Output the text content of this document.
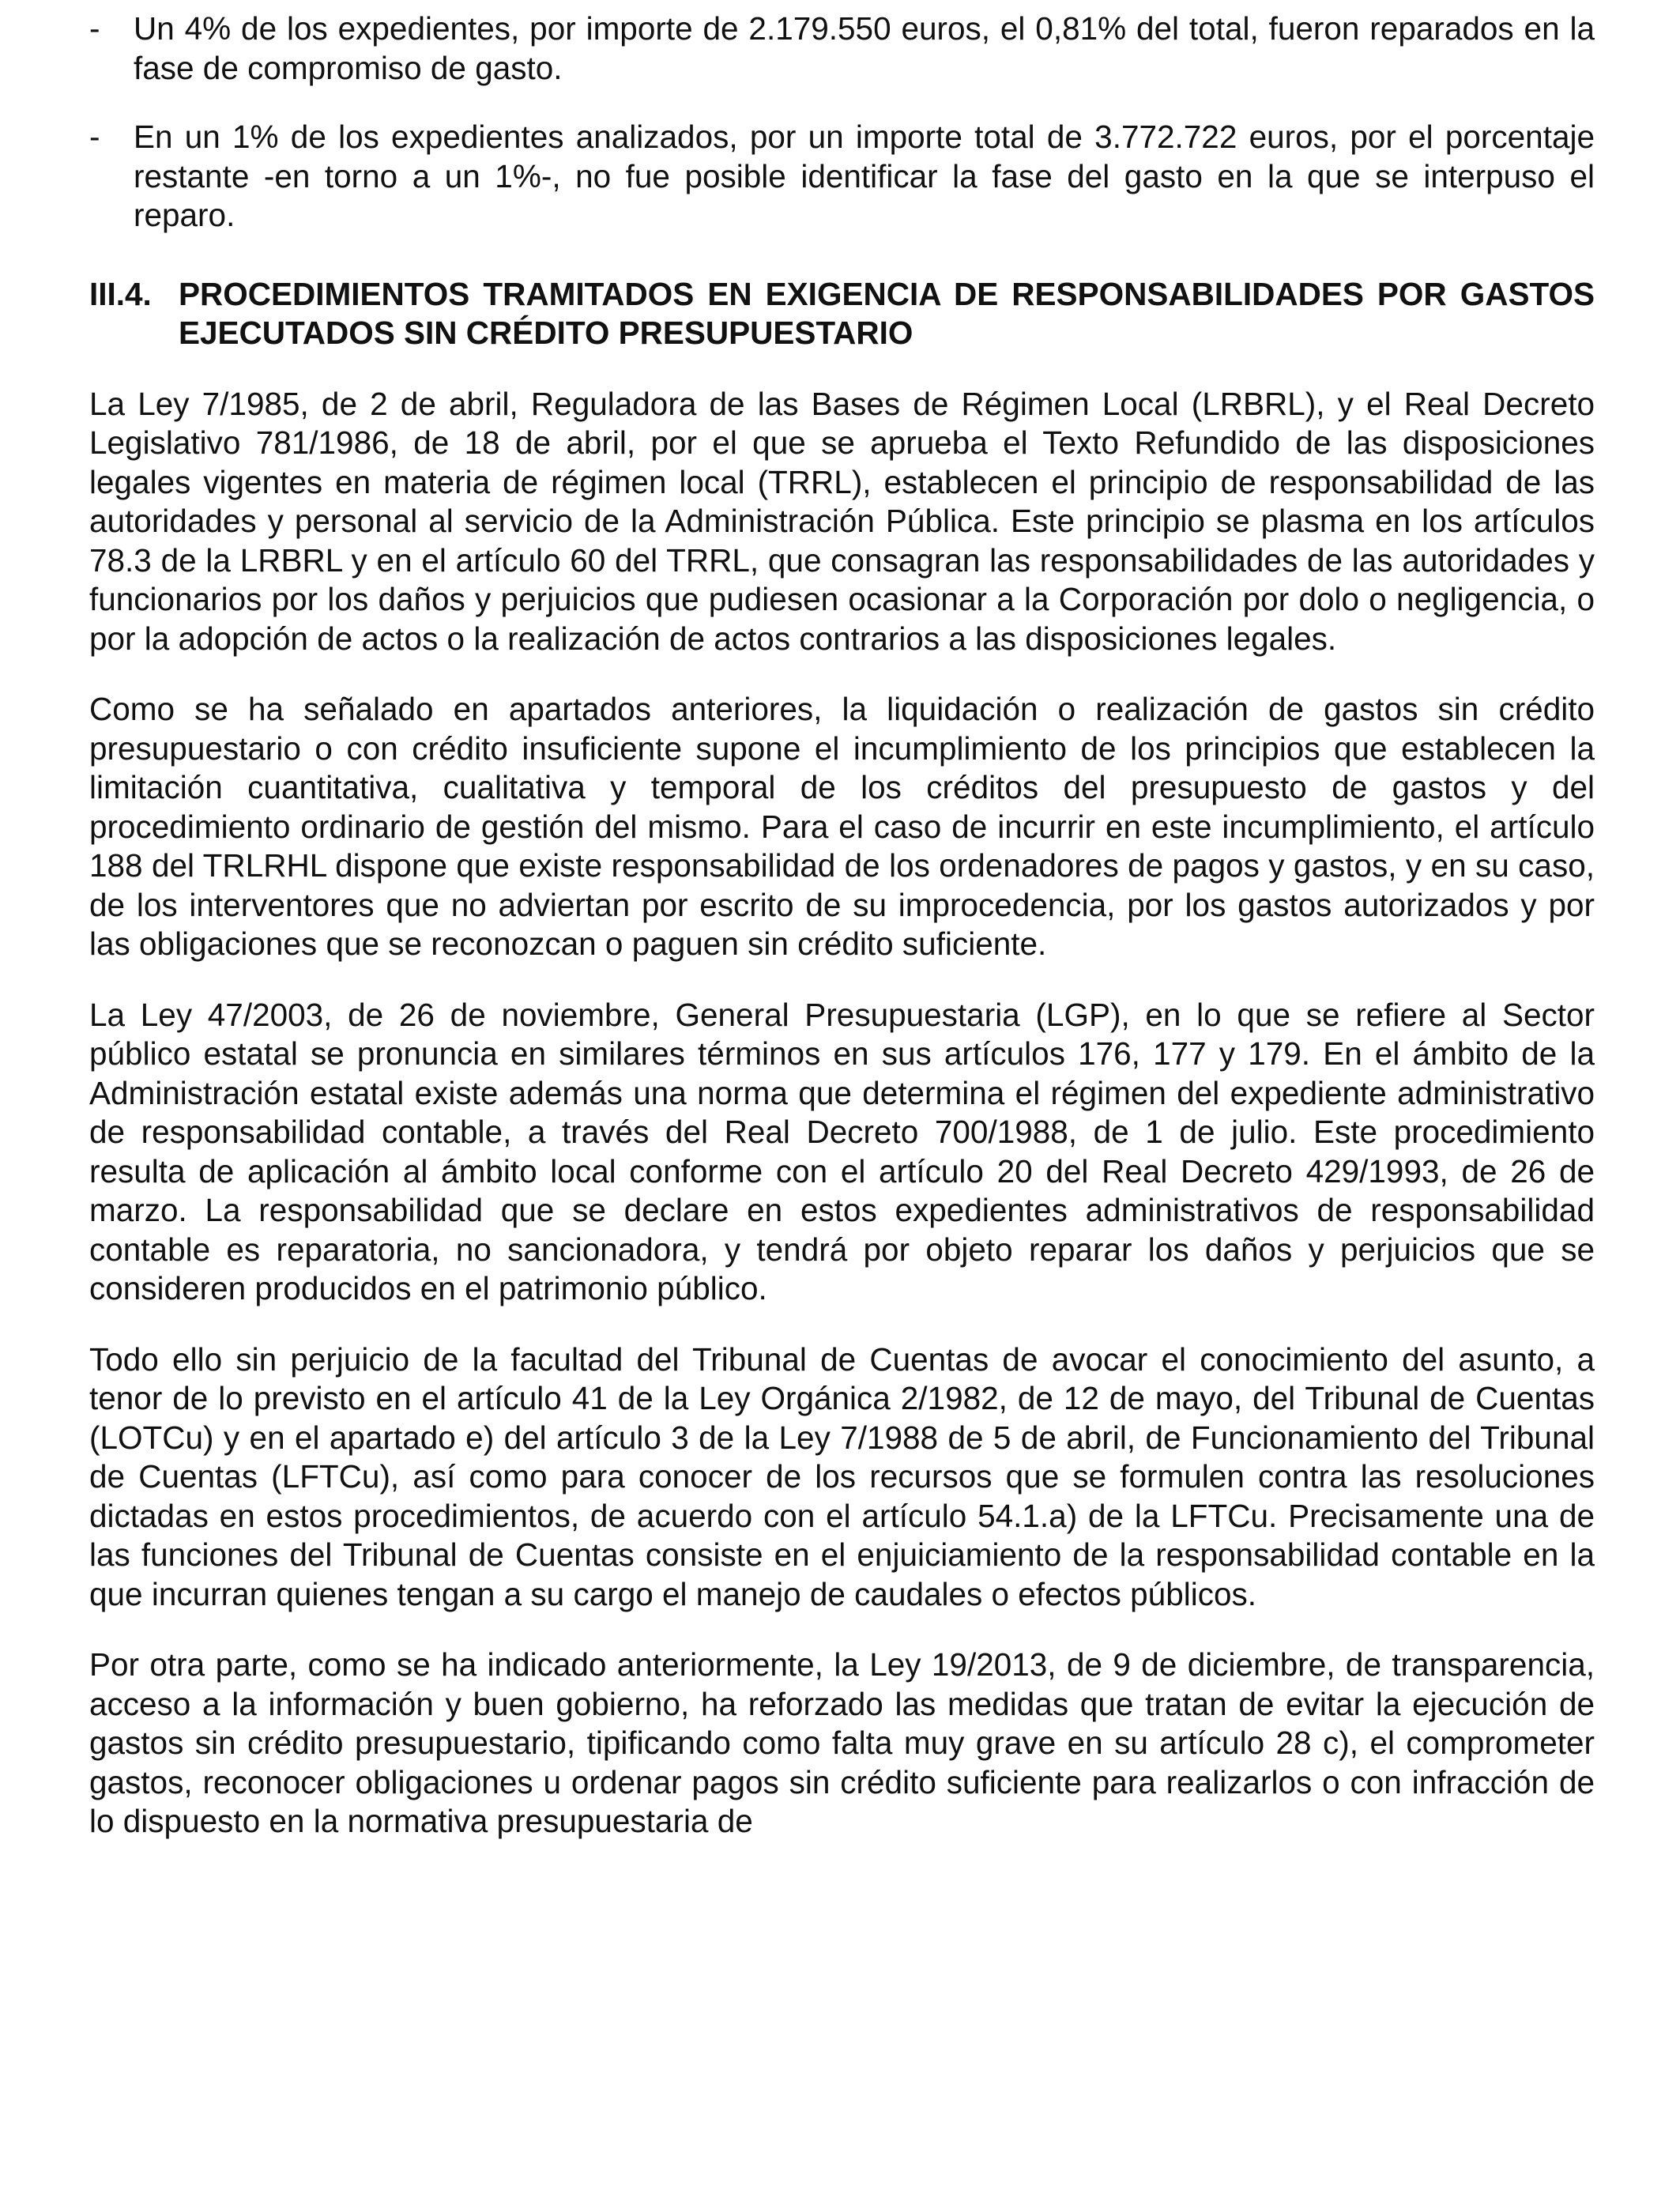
-	Un 4% de los expedientes, por importe de 2.179.550 euros, el 0,81% del total, fueron reparados en la fase de compromiso de gasto.
-	En un 1% de los expedientes analizados, por un importe total de 3.772.722 euros, por el porcentaje restante -en torno a un 1%-, no fue posible identificar la fase del gasto en la que se interpuso el reparo.
III.4. PROCEDIMIENTOS TRAMITADOS EN EXIGENCIA DE RESPONSABILIDADES POR GASTOS EJECUTADOS SIN CRÉDITO PRESUPUESTARIO

La Ley 7/1985, de 2 de abril, Reguladora de las Bases de Régimen Local (LRBRL), y el Real Decreto Legislativo 781/1986, de 18 de abril, por el que se aprueba el Texto Refundido de las disposiciones legales vigentes en materia de régimen local (TRRL), establecen el principio de responsabilidad de las autoridades y personal al servicio de la Administración Pública. Este principio se plasma en los artículos 78.3 de la LRBRL y en el artículo 60 del TRRL, que consagran las responsabilidades de las autoridades y funcionarios por los daños y perjuicios que pudiesen ocasionar a la Corporación por dolo o negligencia, o por la adopción de actos o la realización de actos contrarios a las disposiciones legales.

Como se ha señalado en apartados anteriores, la liquidación o realización de gastos sin crédito presupuestario o con crédito insuficiente supone el incumplimiento de los principios que establecen la limitación cuantitativa, cualitativa y temporal de los créditos del presupuesto de gastos y del procedimiento ordinario de gestión del mismo. Para el caso de incurrir en este incumplimiento, el artículo 188 del TRLRHL dispone que existe responsabilidad de los ordenadores de pagos y gastos, y en su caso, de los interventores que no adviertan por escrito de su improcedencia, por los gastos autorizados y por las obligaciones que se reconozcan o paguen sin crédito suficiente.

La Ley 47/2003, de 26 de noviembre, General Presupuestaria (LGP), en lo que se refiere al Sector público estatal se pronuncia en similares términos en sus artículos 176, 177 y 179. En el ámbito de la Administración estatal existe además una norma que determina el régimen del expediente administrativo de responsabilidad contable, a través del Real Decreto 700/1988, de 1 de julio. Este procedimiento resulta de aplicación al ámbito local conforme con el artículo 20 del Real Decreto 429/1993, de 26 de marzo. La responsabilidad que se declare en estos expedientes administrativos de responsabilidad contable es reparatoria, no sancionadora, y tendrá por objeto reparar los daños y perjuicios que se consideren producidos en el patrimonio público.

Todo ello sin perjuicio de la facultad del Tribunal de Cuentas de avocar el conocimiento del asunto, a tenor de lo previsto en el artículo 41 de la Ley Orgánica 2/1982, de 12 de mayo, del Tribunal de Cuentas (LOTCu) y en el apartado e) del artículo 3 de la Ley 7/1988 de 5 de abril, de Funcionamiento del Tribunal de Cuentas (LFTCu), así como para conocer de los recursos que se formulen contra las resoluciones dictadas en estos procedimientos, de acuerdo con el artículo 54.1.a) de la LFTCu. Precisamente una de las funciones del Tribunal de Cuentas consiste en el enjuiciamiento de la responsabilidad contable en la que incurran quienes tengan a su cargo el manejo de caudales o efectos públicos.

Por otra parte, como se ha indicado anteriormente, la Ley 19/2013, de 9 de diciembre, de transparencia, acceso a la información y buen gobierno, ha reforzado las medidas que tratan de evitar la ejecución de gastos sin crédito presupuestario, tipificando como falta muy grave en su artículo 28 c), el comprometer gastos, reconocer obligaciones u ordenar pagos sin crédito suficiente para realizarlos o con infracción de lo dispuesto en la normativa presupuestaria de
